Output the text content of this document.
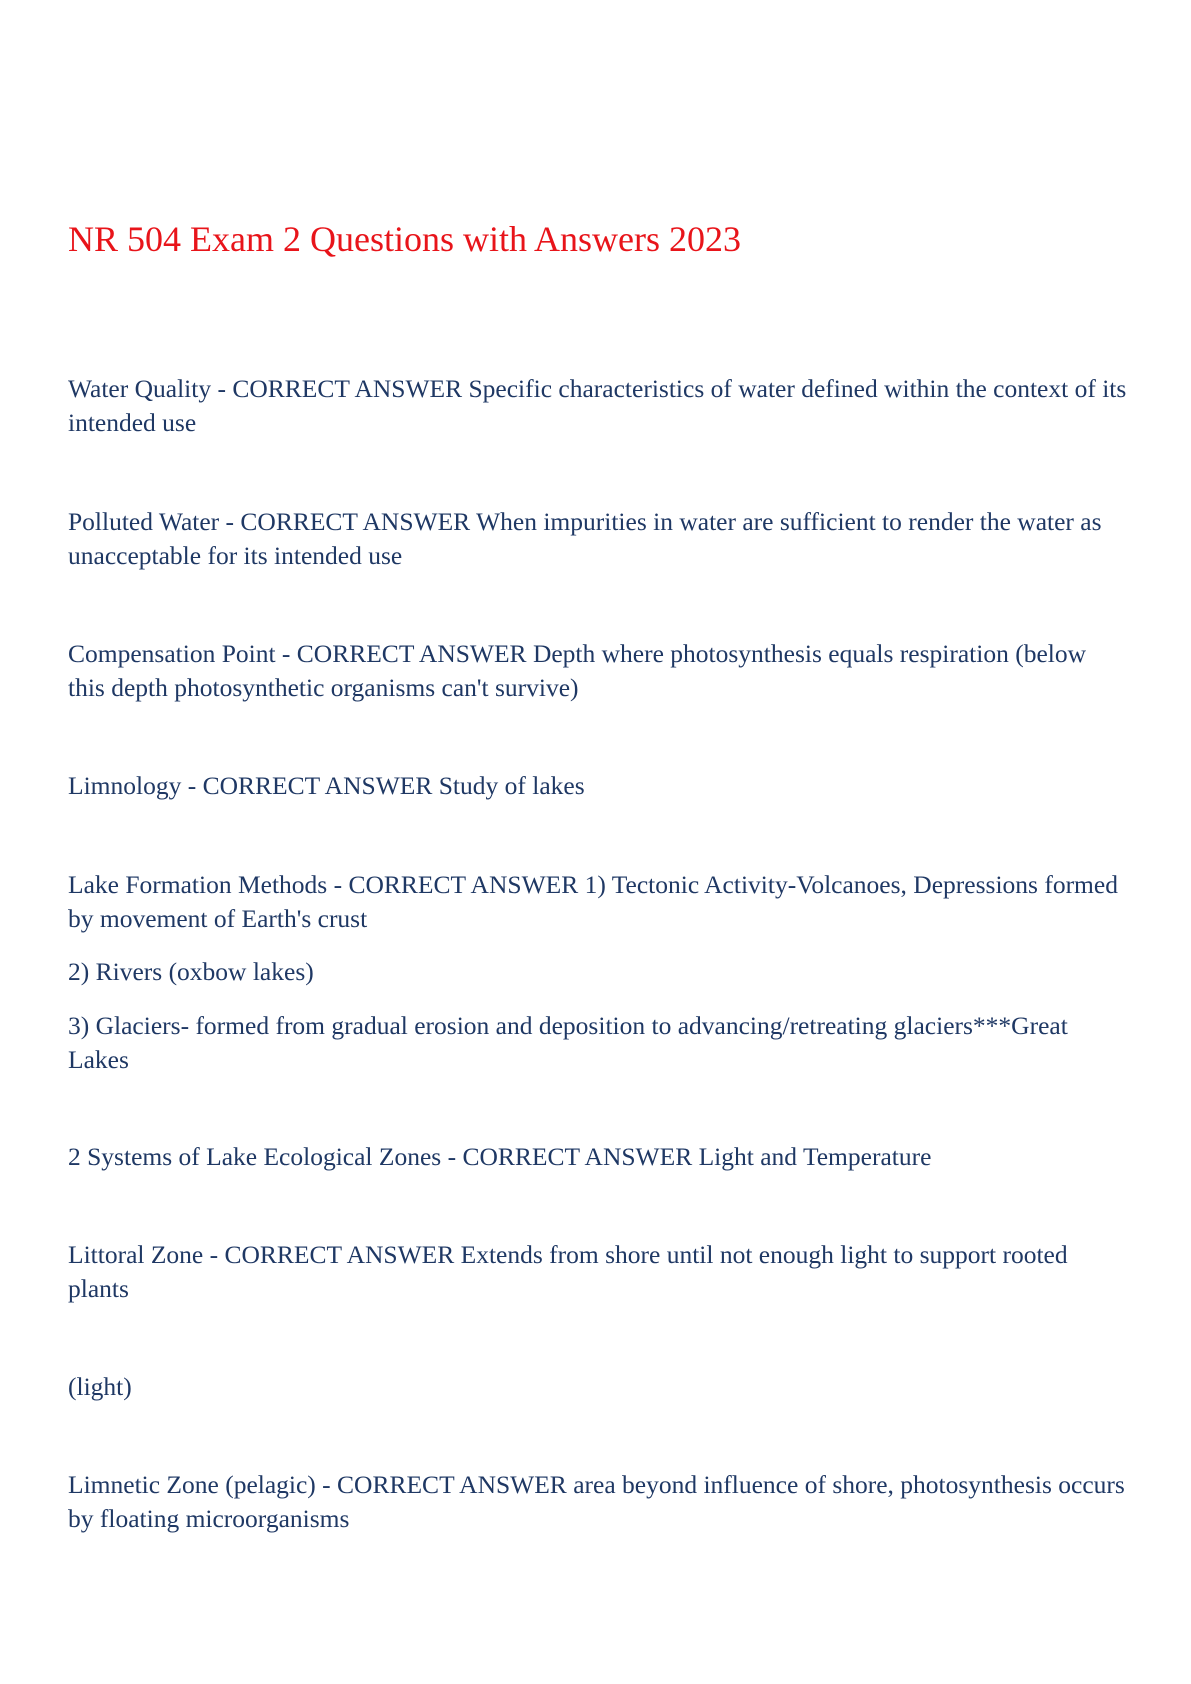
NR 504 Exam 2 Questions with Answers 2023

Water Quality - CORRECT ANSWER Specific characteristics of water defined within the context of its intended use

Polluted Water - CORRECT ANSWER When impurities in water are sufficient to render the water as unacceptable for its intended use

Compensation Point - CORRECT ANSWER Depth where photosynthesis equals respiration (below this depth photosynthetic organisms can't survive)

Limnology - CORRECT ANSWER Study of lakes

Lake Formation Methods - CORRECT ANSWER 1) Tectonic Activity-Volcanoes, Depressions formed by movement of Earth's crust

2) Rivers (oxbow lakes)

3) Glaciers- formed from gradual erosion and deposition to advancing/retreating glaciers***Great Lakes

2 Systems of Lake Ecological Zones - CORRECT ANSWER Light and Temperature

Littoral Zone - CORRECT ANSWER Extends from shore until not enough light to support rooted plants

(light)

Limnetic Zone (pelagic) - CORRECT ANSWER area beyond influence of shore, photosynthesis occurs by floating microorganisms
